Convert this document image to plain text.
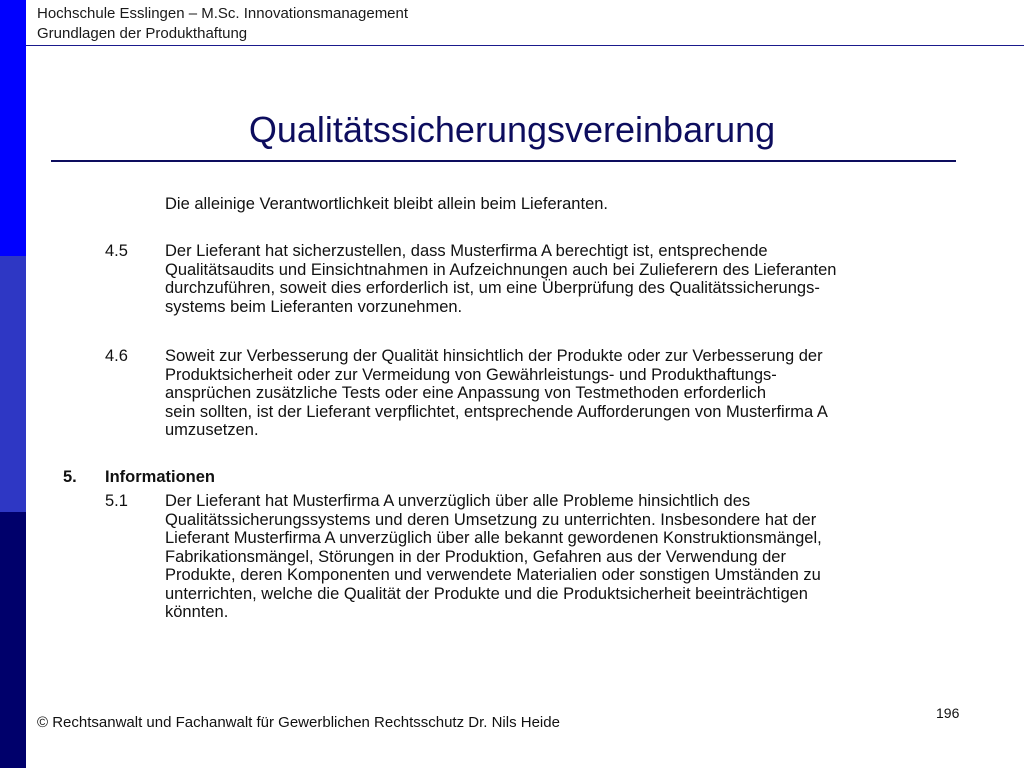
Hochschule Esslingen – M.Sc. Innovationsmanagement
Grundlagen der Produkthaftung
Qualitätssicherungsvereinbarung
Die alleinige Verantwortlichkeit bleibt allein beim Lieferanten.
4.5 Der Lieferant hat sicherzustellen, dass Musterfirma A berechtigt ist, entsprechende
Qualitätsaudits und Einsichtnahmen in Aufzeichnungen auch bei Zulieferern des Lieferanten
durchzuführen, soweit dies erforderlich ist, um eine Überprüfung des Qualitätssicherungs-
systems beim Lieferanten vorzunehmen.
4.6 Soweit zur Verbesserung der Qualität hinsichtlich der Produkte oder zur Verbesserung der
Produktsicherheit oder zur Vermeidung von Gewährleistungs- und Produkthaftungs-
ansprüchen zusätzliche Tests oder eine Anpassung von Testmethoden erforderlich
sein sollten, ist der Lieferant verpflichtet, entsprechende Aufforderungen von Musterfirma A
umzusetzen.
5. Informationen
5.1 Der Lieferant hat Musterfirma A unverzüglich über alle Probleme hinsichtlich des
Qualitätssicherungssystems und deren Umsetzung zu unterrichten. Insbesondere hat der
Lieferant Musterfirma A unverzüglich über alle bekannt gewordenen Konstruktionsmängel,
Fabrikationsmängel, Störungen in der Produktion, Gefahren aus der Verwendung der
Produkte, deren Komponenten und verwendete Materialien oder sonstigen Umständen zu
unterrichten, welche die Qualität der Produkte und die Produktsicherheit beeinträchtigen
könnten.
© Rechtsanwalt und Fachanwalt für Gewerblichen Rechtsschutz Dr. Nils Heide
196
